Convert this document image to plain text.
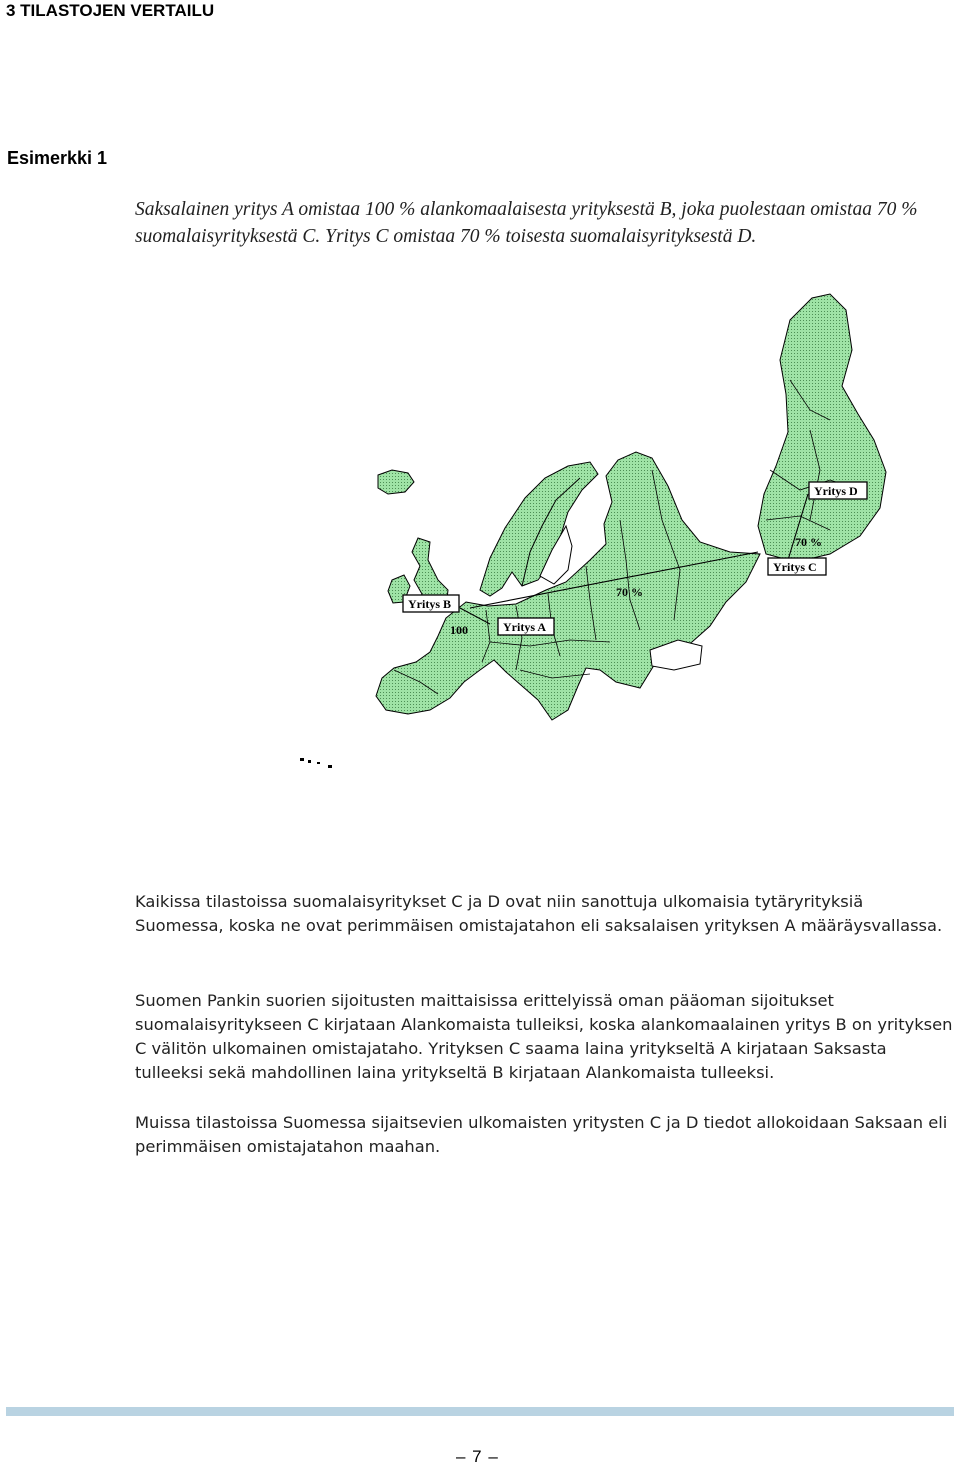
3 TILASTOJEN VERTAILU
Esimerkki 1

Saksalainen yritys A omistaa 100 % alankomaalaisesta yrityksestä B, joka puolestaan omistaa 70 % suomalaisyrityksestä C. Yritys C omistaa 70 % toisesta suomalaisyrityksestä D.

Yritys B
Yritys A
Yritys C
Yritys D
100
70 %
70 %

Kaikissa tilastoissa suomalaisyritykset C ja D ovat niin sanottuja ulkomaisia tytäryrityksiä Suomessa, koska ne ovat perimmäisen omistajatahon eli saksalaisen yrityksen A määräysvallassa.

Suomen Pankin suorien sijoitusten maittaisissa erittelyissä oman pääoman sijoitukset suomalaisyritykseen C kirjataan Alankomaista tulleiksi, koska alankomaalainen yritys B on yrityksen C välitön ulkomainen omistajataho. Yrityksen C saama laina yritykseltä A kirjataan Saksasta tulleeksi sekä mahdollinen laina yritykseltä B kirjataan Alankomaista tulleeksi.

Muissa tilastoissa Suomessa sijaitsevien ulkomaisten yritysten C ja D tiedot allokoidaan Saksaan eli perimmäisen omistajatahon maahan.

– 7 –
